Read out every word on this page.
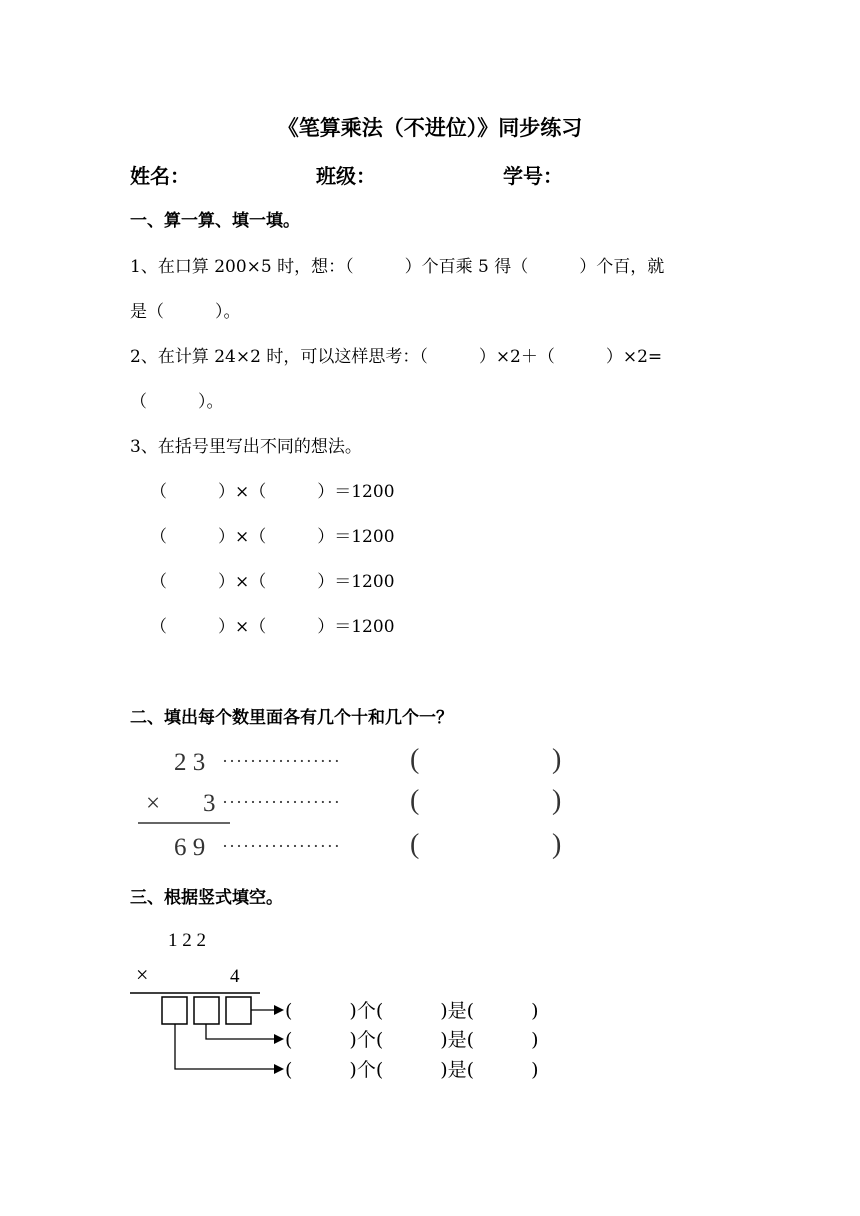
《笔算乘法（不进位）》同步练习
姓名：	班级：	学号：
一、算一算、填一填。
1、在口算 200×5 时，想：（　　　）个百乘 5 得（　　　）个百，就
是（　　　）。
2、在计算 24×2 时，可以这样思考：（　　　）×2＋（　　　）×2=
（　　　）。
3、在括号里写出不同的想法。
（　　　）×（　　　）＝1200
（　　　）×（　　　）＝1200
（　　　）×（　　　）＝1200
（　　　）×（　　　）＝1200
二、填出每个数里面各有几个十和几个一？
三、根据竖式填空。
2 3 ················· (	)
× 3 ················· (	)
6 9 ················· (	)
1 2 2
×	4
(　　　)个(　　　)是(　　　)
(　　　)个(　　　)是(　　　)
(　　　)个(　　　)是(　　　)
